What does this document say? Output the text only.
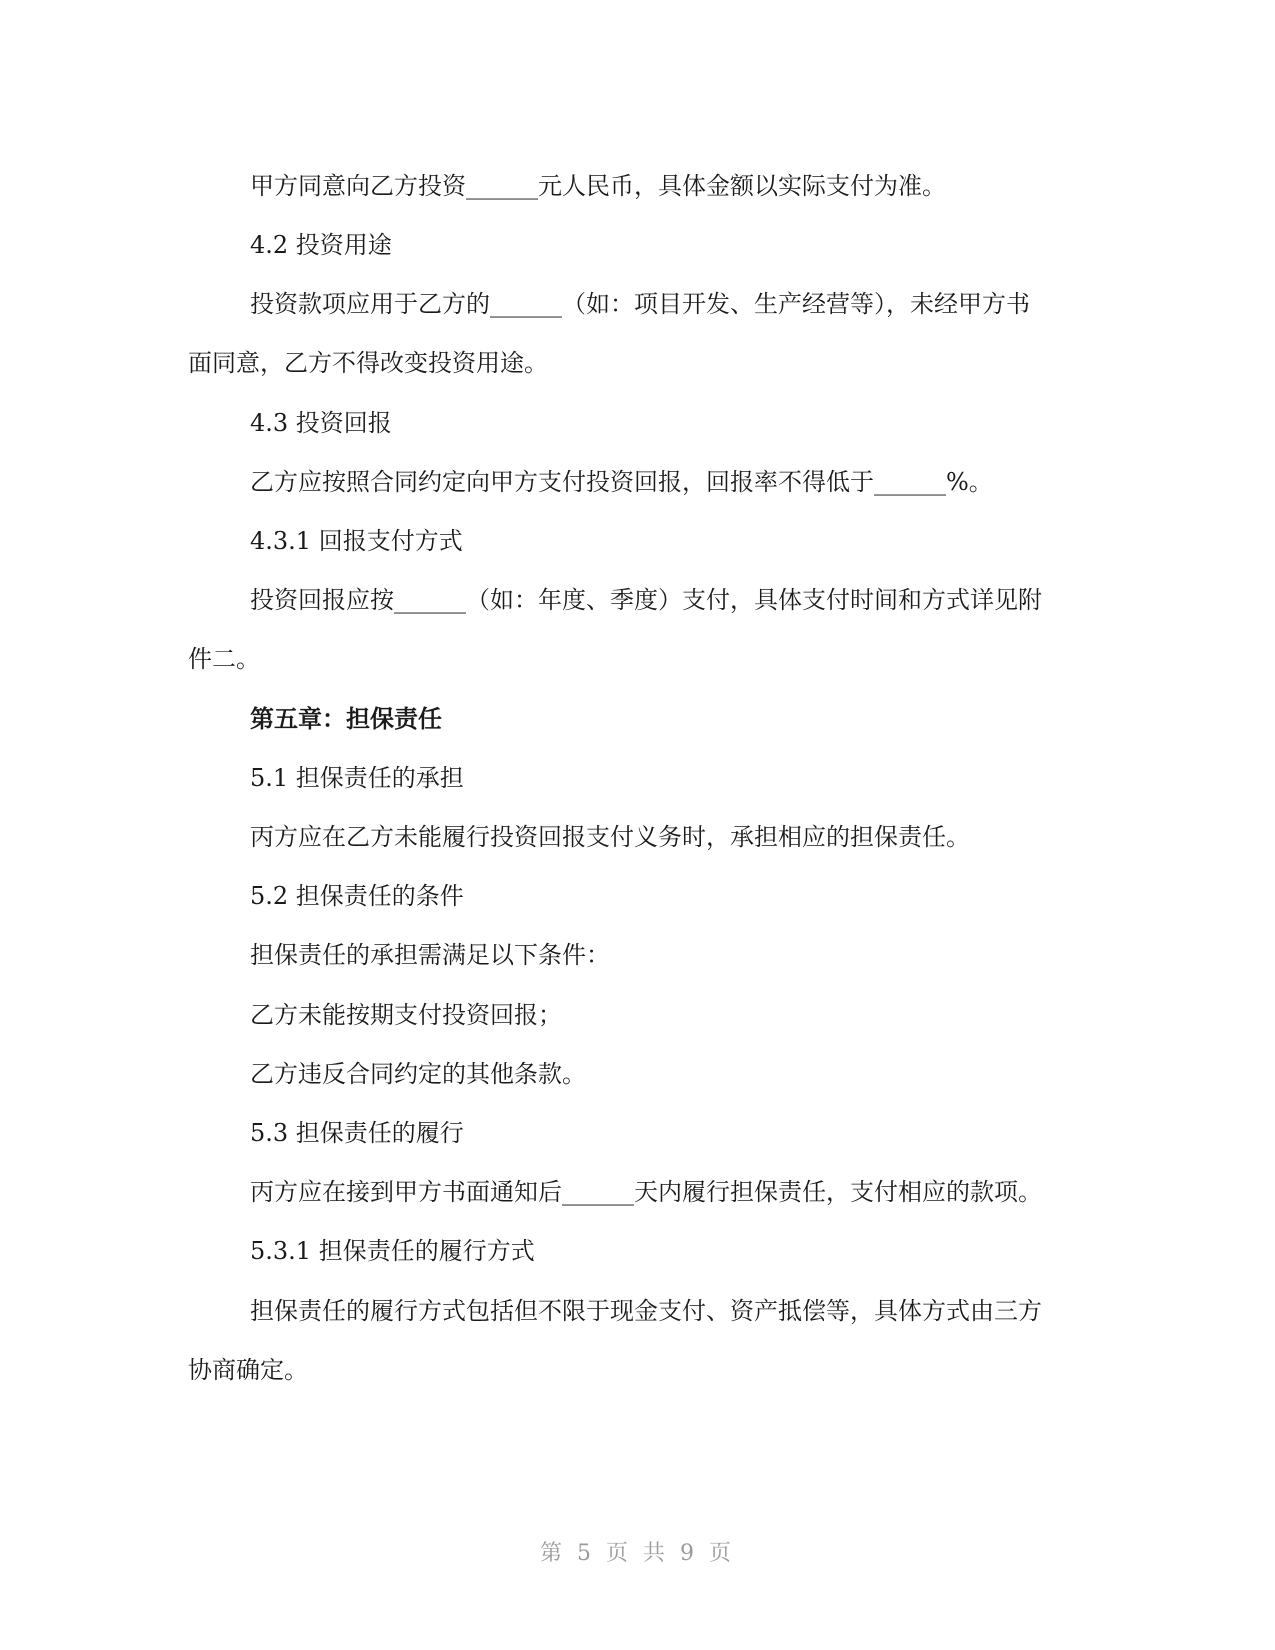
甲方同意向乙方投资______元人民币，具体金额以实际支付为准。

4.2 投资用途

投资款项应用于乙方的______（如：项目开发、生产经营等），未经甲方书

面同意，乙方不得改变投资用途。

4.3 投资回报

乙方应按照合同约定向甲方支付投资回报，回报率不得低于______%。

4.3.1 回报支付方式

投资回报应按______（如：年度、季度）支付，具体支付时间和方式详见附

件二。

第五章：担保责任

5.1 担保责任的承担

丙方应在乙方未能履行投资回报支付义务时，承担相应的担保责任。

5.2 担保责任的条件

担保责任的承担需满足以下条件：

乙方未能按期支付投资回报；

乙方违反合同约定的其他条款。

5.3 担保责任的履行

丙方应在接到甲方书面通知后______天内履行担保责任，支付相应的款项。

5.3.1 担保责任的履行方式

担保责任的履行方式包括但不限于现金支付、资产抵偿等，具体方式由三方

协商确定。

第 5 页 共 9 页
